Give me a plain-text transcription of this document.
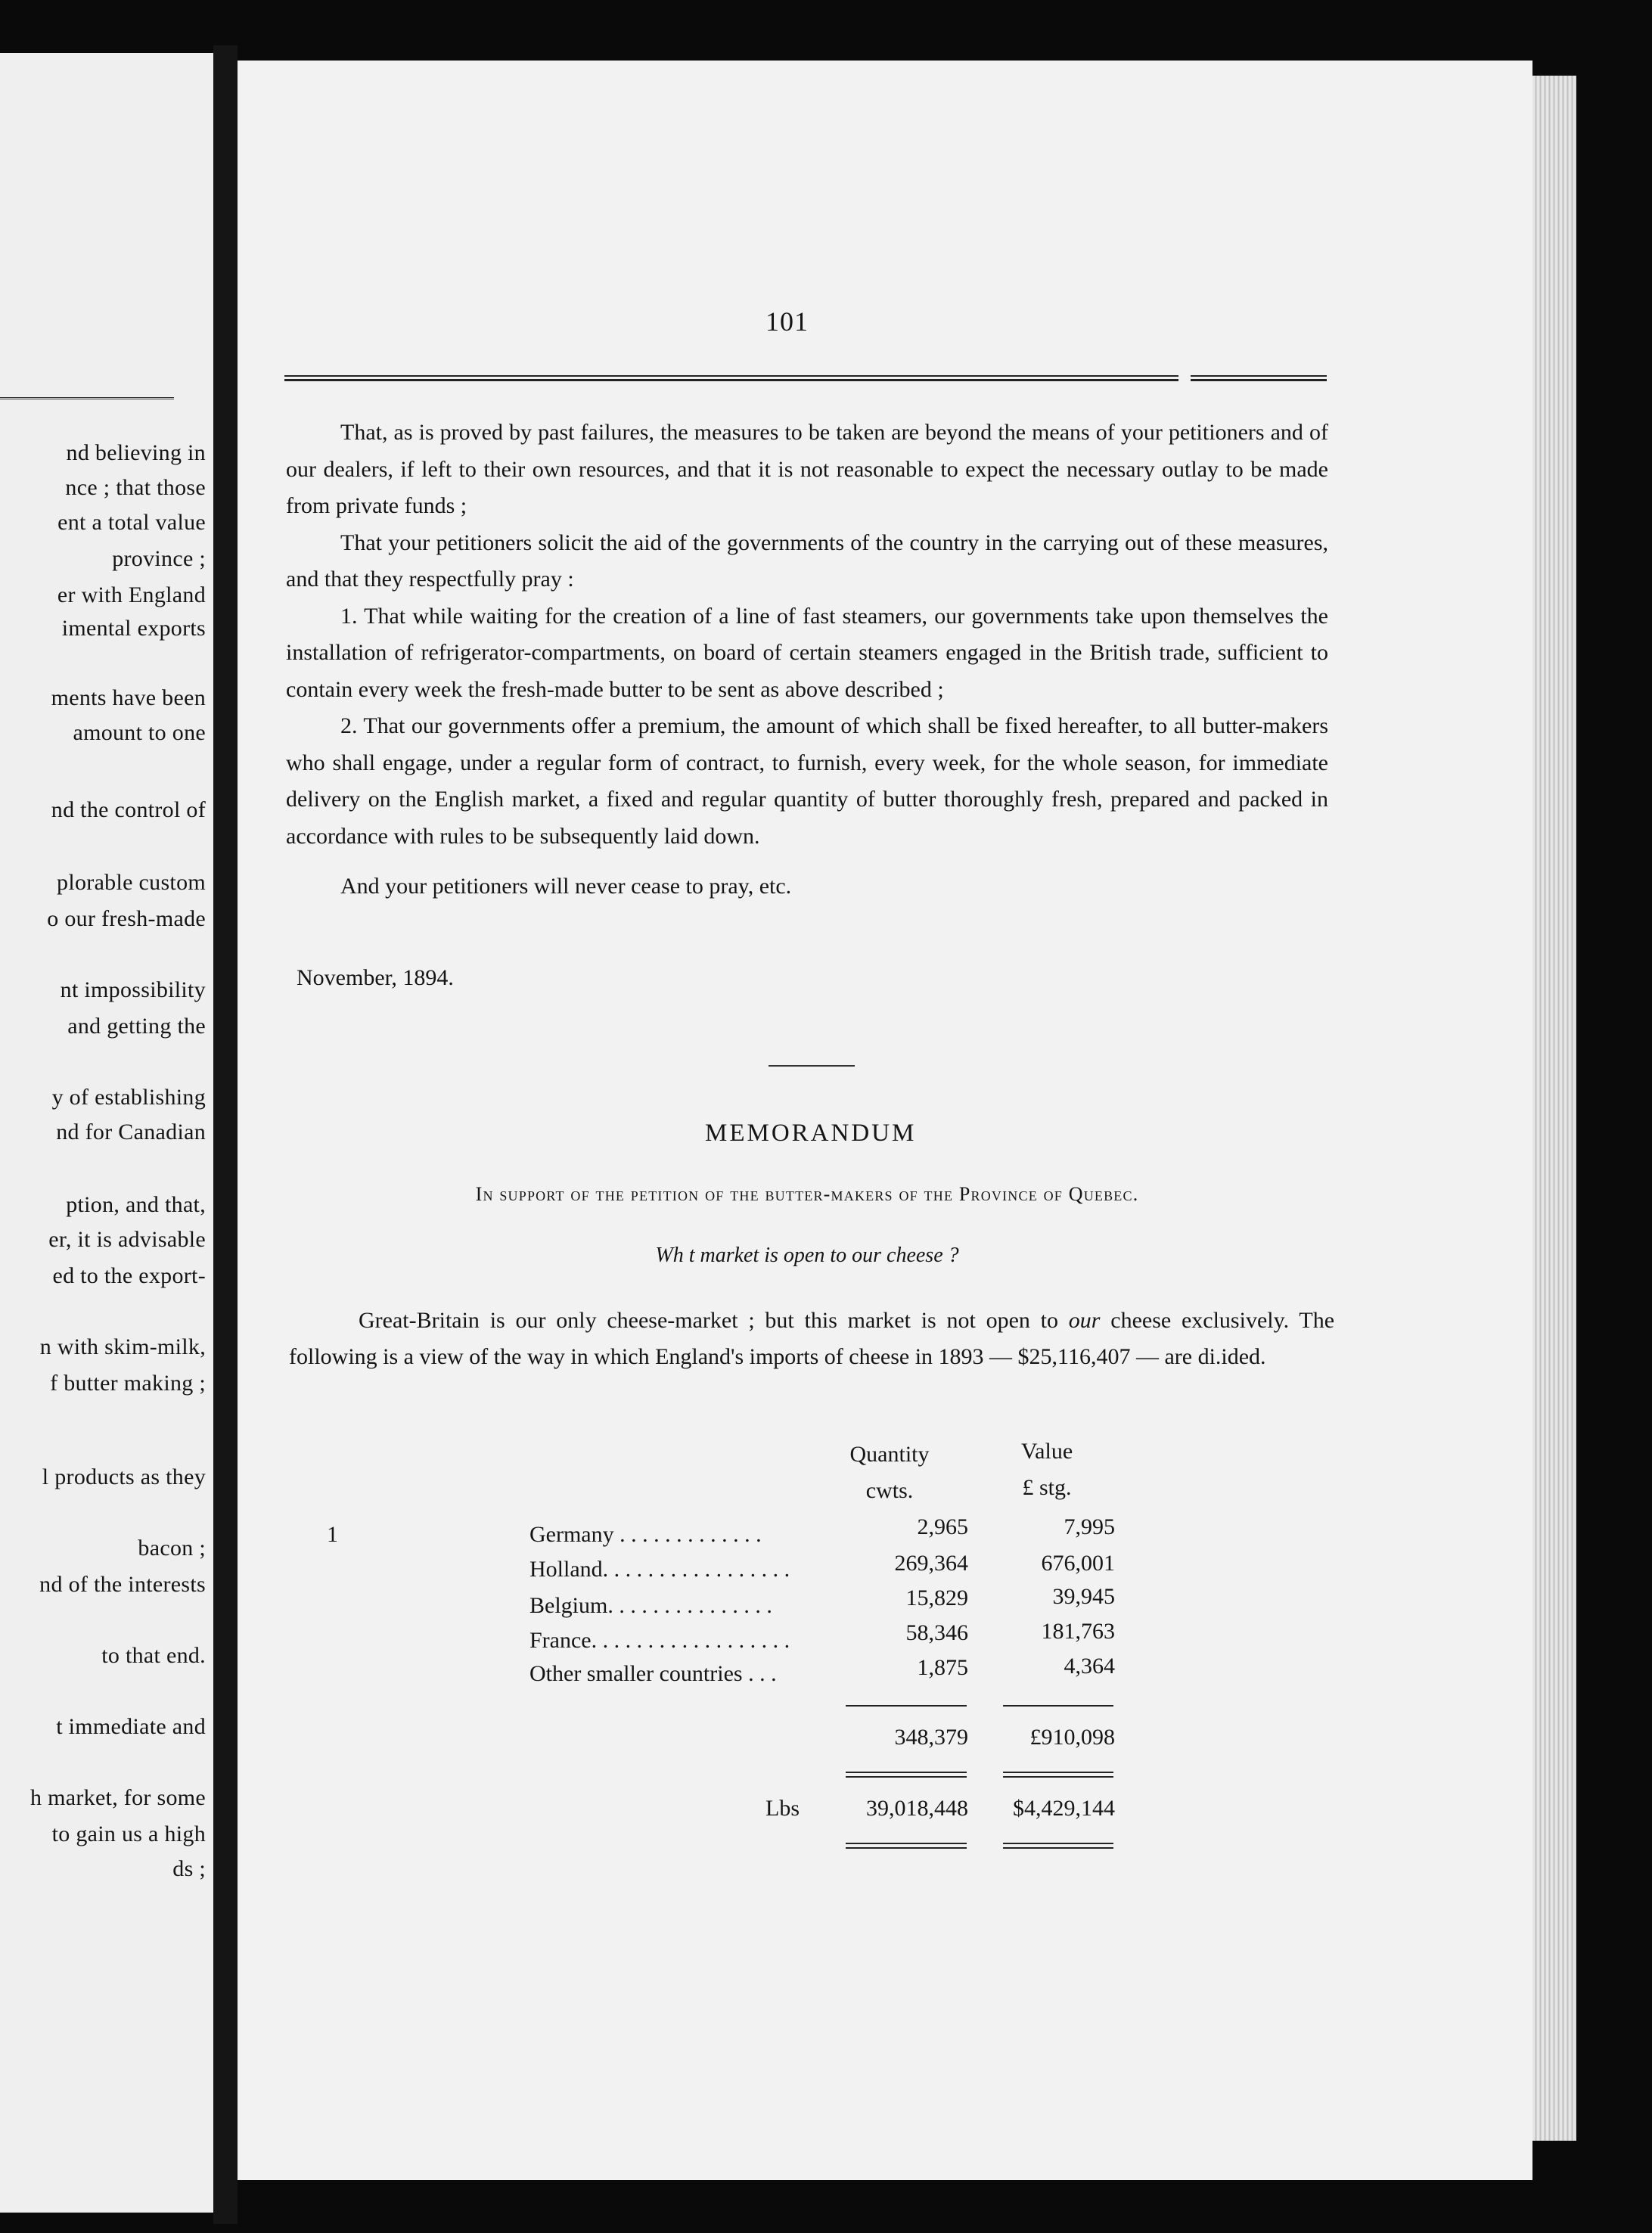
nd believing in
nce ; that those
ent a total value
province ;
er with England
imental exports
ments have been
amount to one
nd the control of
plorable custom
o our fresh-made
nt impossibility
and getting the
y of establishing
nd for Canadian
ption, and that,
er, it is advisable
ed to the export-
n with skim-milk,
f butter making ;
l products as they
bacon ;
nd of the interests
to that end.
t immediate and
h market, for some
to gain us a high
ds ;
101

That, as is proved by past failures, the measures to be taken are beyond the means of your petitioners and of our dealers, if left to their own resources, and that it is not reasonable to expect the necessary outlay to be made from private funds ;

That your petitioners solicit the aid of the governments of the country in the carrying out of these measures, and that they respectfully pray :

1. That while waiting for the creation of a line of fast steamers, our governments take upon themselves the installation of refrigerator-compartments, on board of certain steamers engaged in the British trade, sufficient to contain every week the fresh-made butter to be sent as above described ;

2. That our governments offer a premium, the amount of which shall be fixed hereafter, to all butter-makers who shall engage, under a regular form of contract, to furnish, every week, for the whole season, for immediate delivery on the English market, a fixed and regular quantity of butter thoroughly fresh, prepared and packed in accordance with rules to be subsequently laid down.

And your petitioners will never cease to pray, etc.

November, 1894.
MEMORANDUM
In support of the petition of the butter-makers of the Province of Quebec.
Wh t market is open to our cheese ?

Great-Britain is our only cheese-market ; but this market is not open to our cheese exclusively. The following is a view of the way in which England's imports of cheese in 1893 — $25,116,407 — are di.ided.

Quantity
cwts.
Value
£ stg.
1	Germany . . . . . . . . . . . . .	2,965	7,995
Holland. . . . . . . . . . . . . . . . .	269,364	676,001
Belgium. . . . . . . . . . . . . . .	15,829	39,945
France. . . . . . . . . . . . . . . . . .	58,346	181,763
Other smaller countries . . .	1,875	4,364
348,379	£910,098
Lbs	39,018,448	$4,429,144
